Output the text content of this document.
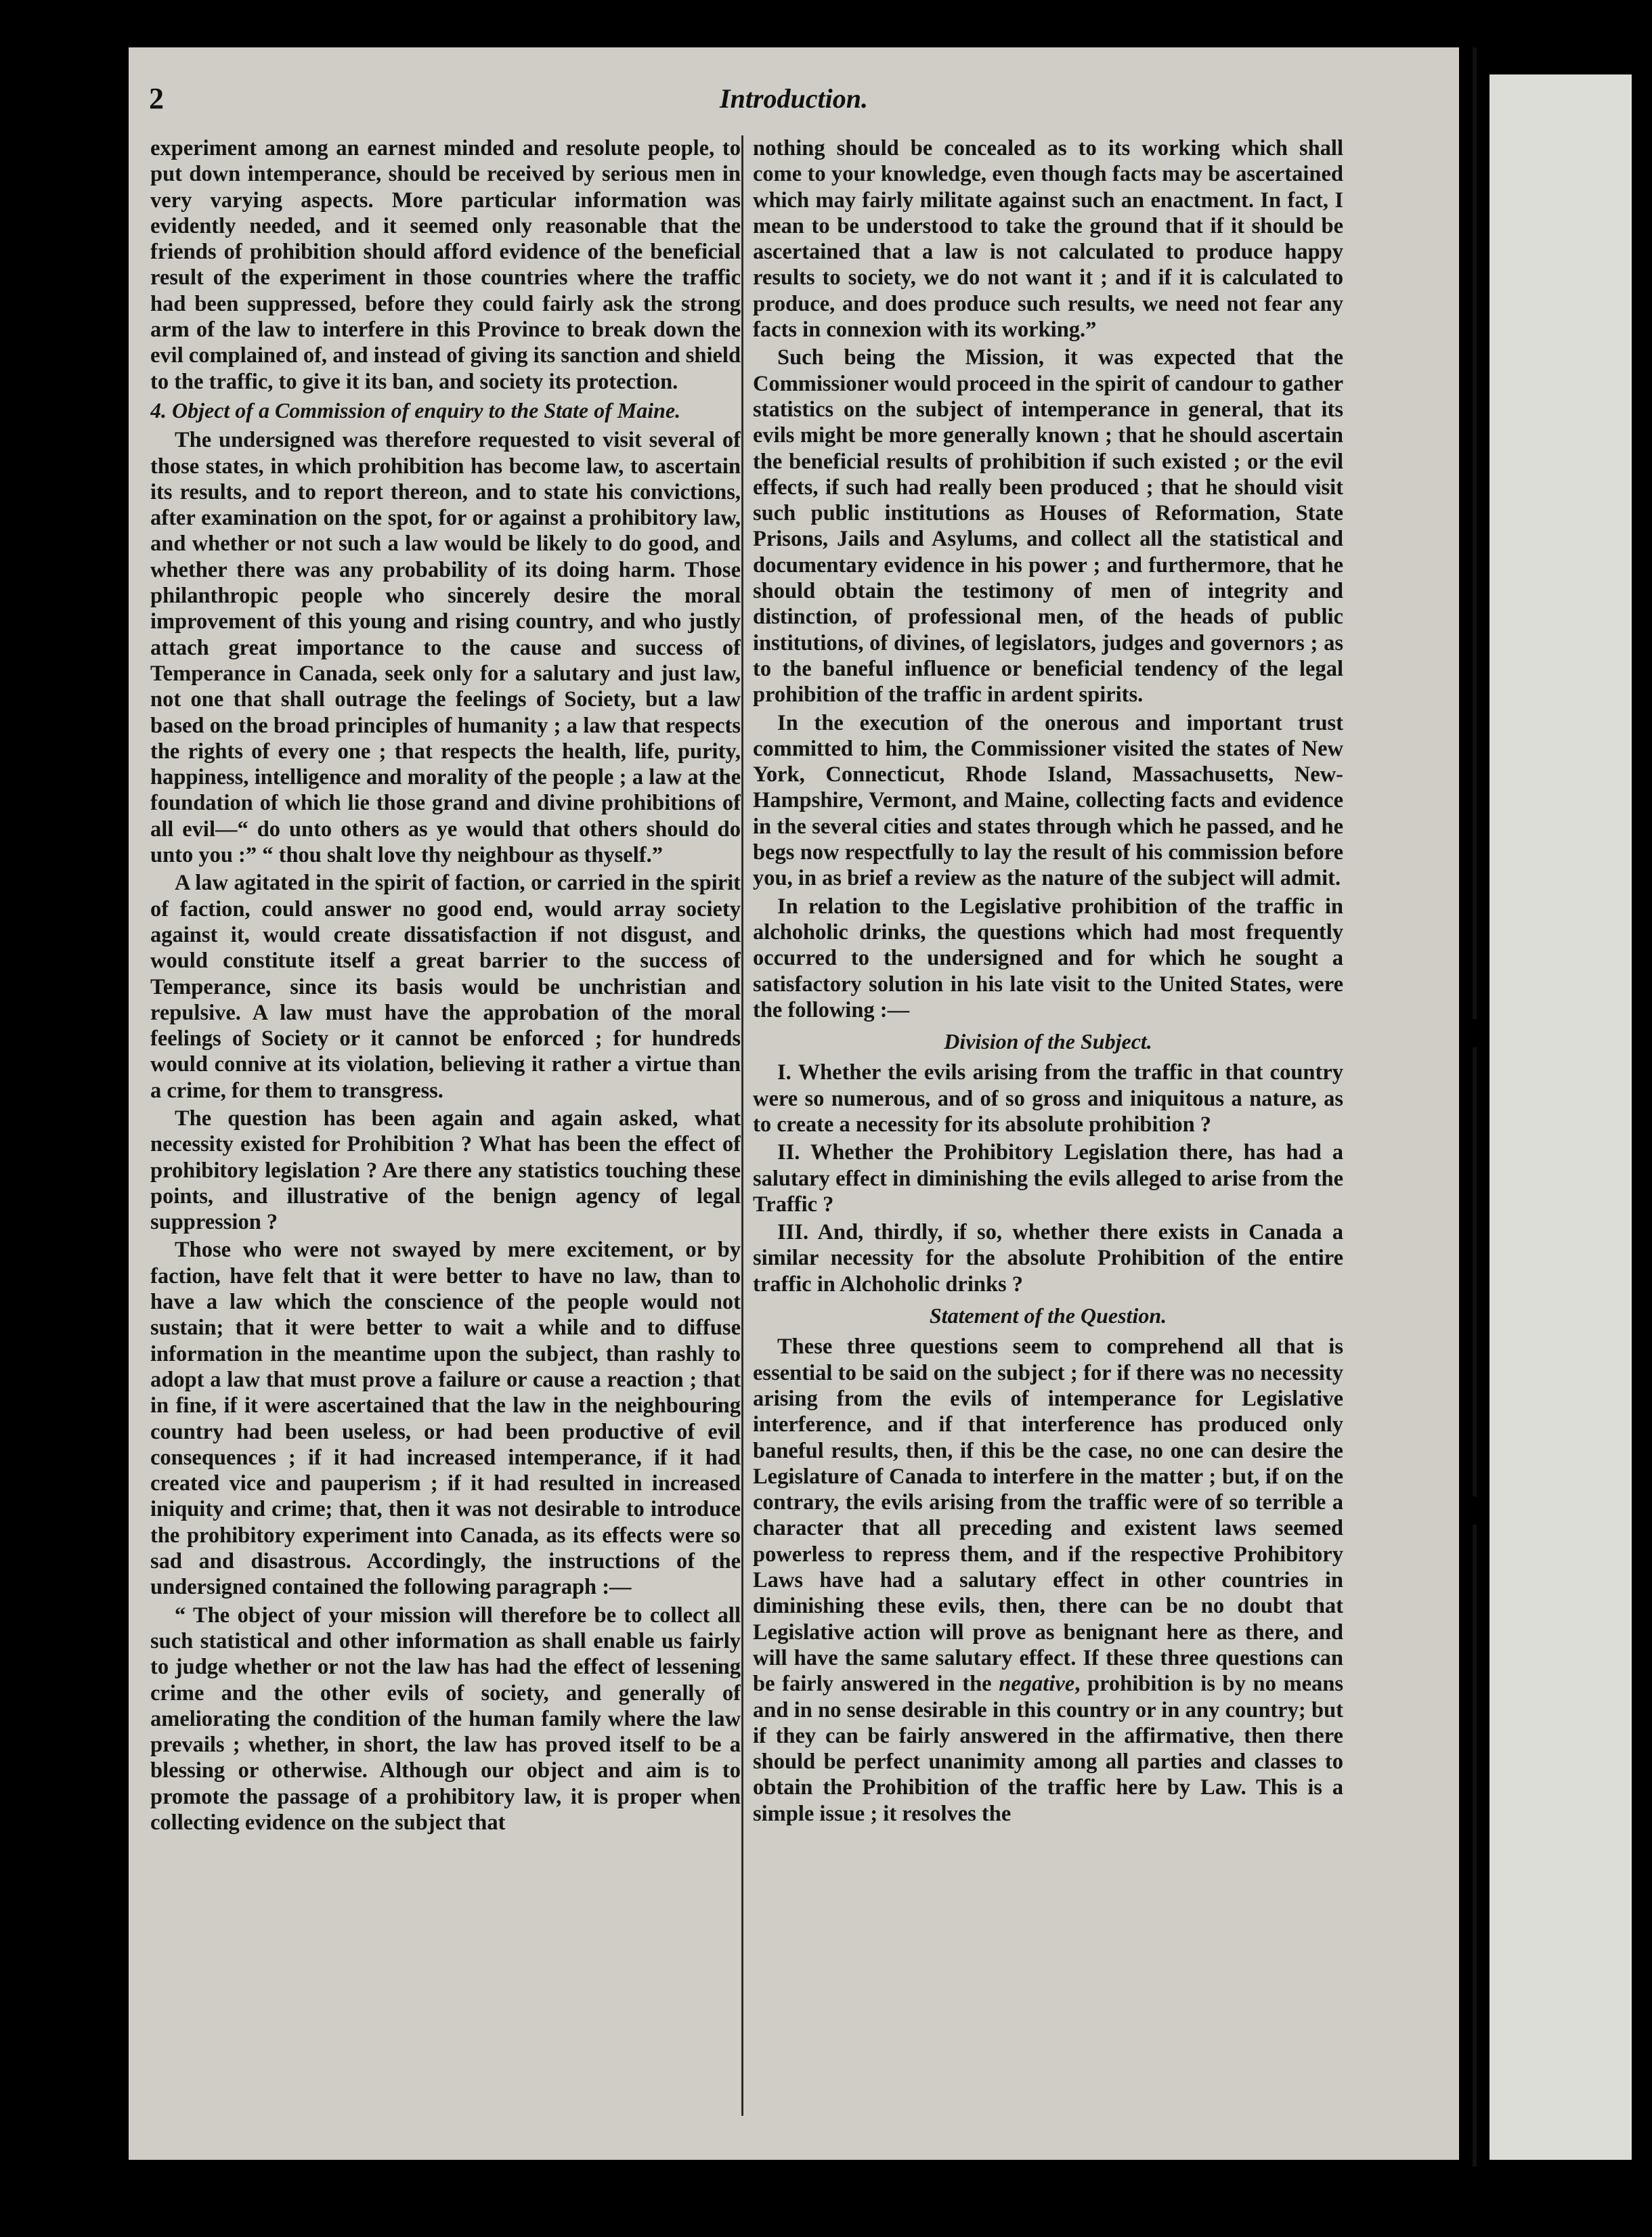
2	Introduction.

experiment among an earnest minded and resolute people, to put down intemperance, should be received by serious men in very varying aspects. More particular information was evidently needed, and it seemed only reasonable that the friends of prohibition should afford evidence of the beneficial result of the experiment in those countries where the traffic had been suppressed, before they could fairly ask the strong arm of the law to interfere in this Province to break down the evil complained of, and instead of giving its sanction and shield to the traffic, to give it its ban, and society its protection.

4. Object of a Commission of enquiry to the State of Maine.

The undersigned was therefore requested to visit several of those states, in which prohibition has become law, to ascertain its results, and to report thereon, and to state his convictions, after examination on the spot, for or against a prohibitory law, and whether or not such a law would be likely to do good, and whether there was any probability of its doing harm. Those philanthropic people who sincerely desire the moral improvement of this young and rising country, and who justly attach great importance to the cause and success of Temperance in Canada, seek only for a salutary and just law, not one that shall outrage the feelings of Society, but a law based on the broad principles of humanity ; a law that respects the rights of every one ; that respects the health, life, purity, happiness, intelligence and morality of the people ; a law at the foundation of which lie those grand and divine prohibitions of all evil—“ do unto others as ye would that others should do unto you :” “ thou shalt love thy neighbour as thyself.”

A law agitated in the spirit of faction, or carried in the spirit of faction, could answer no good end, would array society against it, would create dissatisfaction if not disgust, and would constitute itself a great barrier to the success of Temperance, since its basis would be unchristian and repulsive. A law must have the approbation of the moral feelings of Society or it cannot be enforced ; for hundreds would connive at its violation, believing it rather a virtue than a crime, for them to transgress.

The question has been again and again asked, what necessity existed for Prohibition ? What has been the effect of prohibitory legislation ? Are there any statistics touching these points, and illustrative of the benign agency of legal suppression ?

Those who were not swayed by mere excitement, or by faction, have felt that it were better to have no law, than to have a law which the conscience of the people would not sustain; that it were better to wait a while and to diffuse information in the meantime upon the subject, than rashly to adopt a law that must prove a failure or cause a reaction ; that in fine, if it were ascertained that the law in the neighbouring country had been useless, or had been productive of evil consequences ; if it had increased intemperance, if it had created vice and pauperism ; if it had resulted in increased iniquity and crime; that, then it was not desirable to introduce the prohibitory experiment into Canada, as its effects were so sad and disastrous. Accordingly, the instructions of the undersigned contained the following paragraph :—

“ The object of your mission will therefore be to collect all such statistical and other information as shall enable us fairly to judge whether or not the law has had the effect of lessening crime and the other evils of society, and generally of ameliorating the condition of the human family where the law prevails ; whether, in short, the law has proved itself to be a blessing or otherwise. Although our object and aim is to promote the passage of a prohibitory law, it is proper when collecting evidence on the subject that

nothing should be concealed as to its working which shall come to your knowledge, even though facts may be ascertained which may fairly militate against such an enactment. In fact, I mean to be understood to take the ground that if it should be ascertained that a law is not calculated to produce happy results to society, we do not want it ; and if it is calculated to produce, and does produce such results, we need not fear any facts in connexion with its working.”

Such being the Mission, it was expected that the Commissioner would proceed in the spirit of candour to gather statistics on the subject of intemperance in general, that its evils might be more generally known ; that he should ascertain the beneficial results of prohibition if such existed ; or the evil effects, if such had really been produced ; that he should visit such public institutions as Houses of Reformation, State Prisons, Jails and Asylums, and collect all the statistical and documentary evidence in his power ; and furthermore, that he should obtain the testimony of men of integrity and distinction, of professional men, of the heads of public institutions, of divines, of legislators, judges and governors ; as to the baneful influence or beneficial tendency of the legal prohibition of the traffic in ardent spirits.

In the execution of the onerous and important trust committed to him, the Commissioner visited the states of New York, Connecticut, Rhode Island, Massachusetts, New-Hampshire, Vermont, and Maine, collecting facts and evidence in the several cities and states through which he passed, and he begs now respectfully to lay the result of his commission before you, in as brief a review as the nature of the subject will admit.

In relation to the Legislative prohibition of the traffic in alchoholic drinks, the questions which had most frequently occurred to the undersigned and for which he sought a satisfactory solution in his late visit to the United States, were the following :—

Division of the Subject.

I. Whether the evils arising from the traffic in that country were so numerous, and of so gross and iniquitous a nature, as to create a necessity for its absolute prohibition ?

II. Whether the Prohibitory Legislation there, has had a salutary effect in diminishing the evils alleged to arise from the Traffic ?

III. And, thirdly, if so, whether there exists in Canada a similar necessity for the absolute Prohibition of the entire traffic in Alchoholic drinks ?

Statement of the Question.

These three questions seem to comprehend all that is essential to be said on the subject ; for if there was no necessity arising from the evils of intemperance for Legislative interference, and if that interference has produced only baneful results, then, if this be the case, no one can desire the Legislature of Canada to interfere in the matter ; but, if on the contrary, the evils arising from the traffic were of so terrible a character that all preceding and existent laws seemed powerless to repress them, and if the respective Prohibitory Laws have had a salutary effect in other countries in diminishing these evils, then, there can be no doubt that Legislative action will prove as benignant here as there, and will have the same salutary effect. If these three questions can be fairly answered in the negative, prohibition is by no means and in no sense desirable in this country or in any country; but if they can be fairly answered in the affirmative, then there should be perfect unanimity among all parties and classes to obtain the Prohibition of the traffic here by Law. This is a simple issue ; it resolves the
